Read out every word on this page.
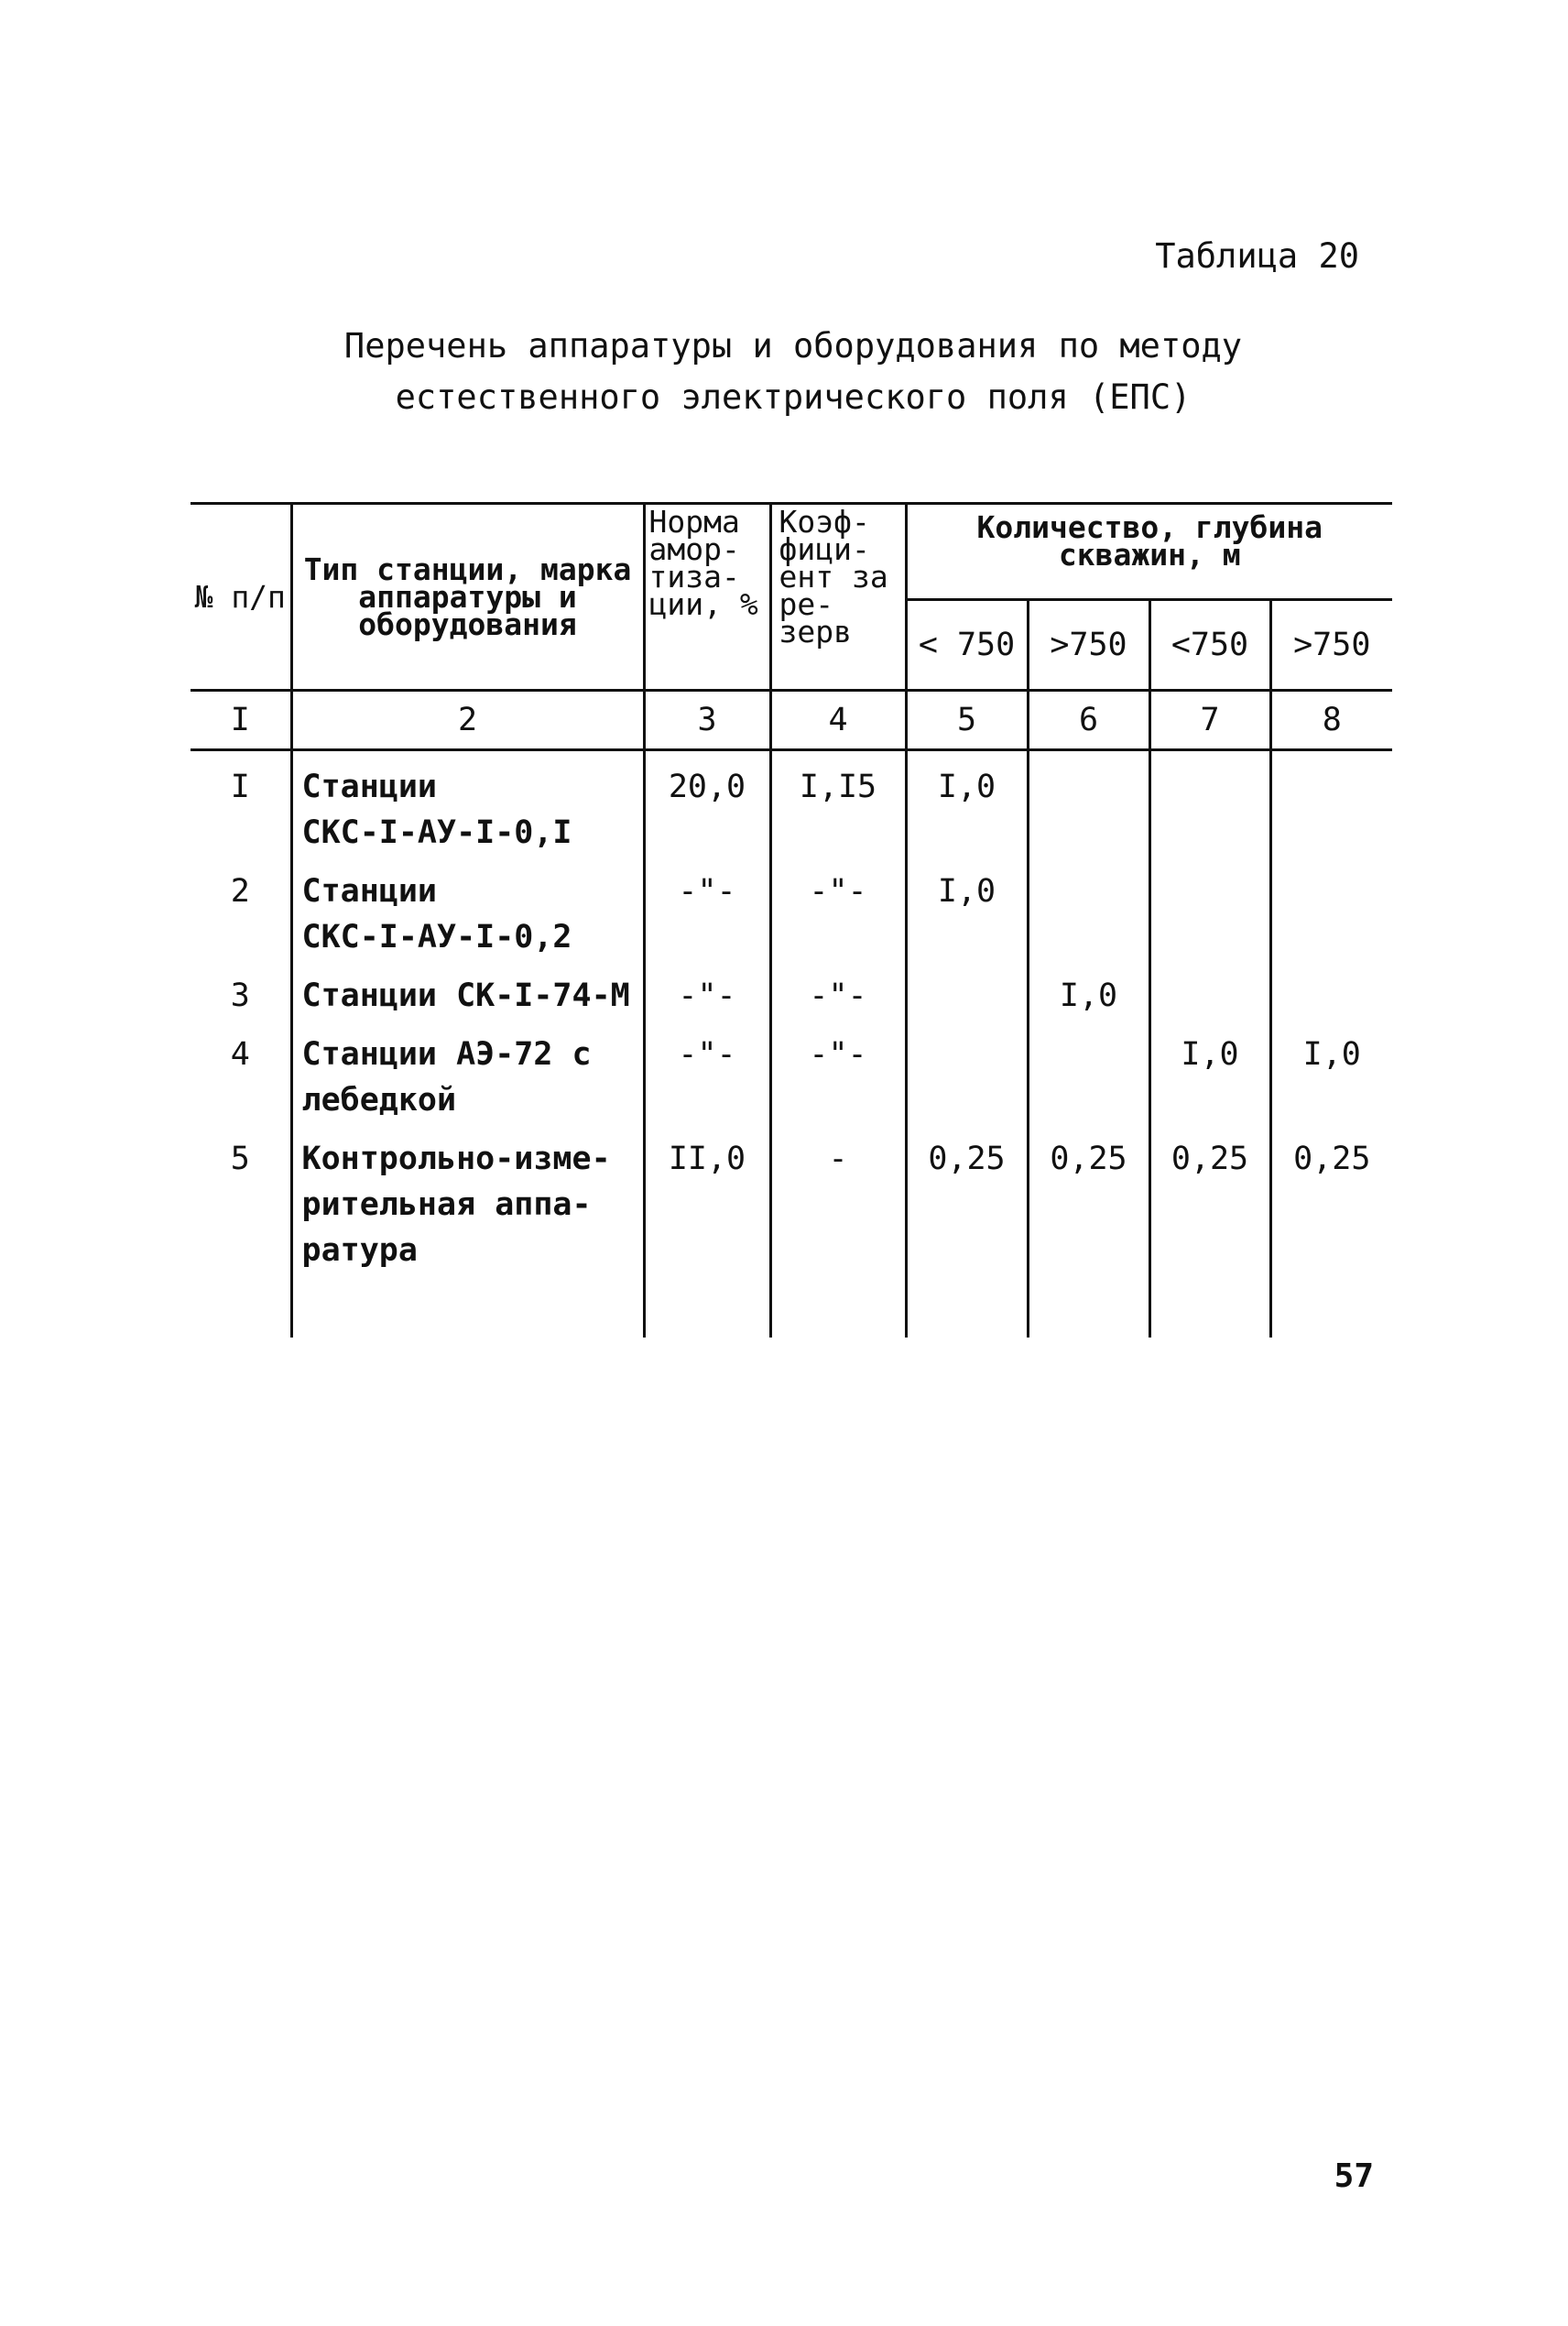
Таблица 20
Перечень аппаратуры и оборудования по методу
естественного электрического поля (ЕПС)
№ п/п	Тип станции, марка аппаратуры и оборудования	Норма амор- тиза- ции, %	Коэф- фици- ент за ре- зерв	Количество, глубина скважин, м			
				< 750	>750	<750	>750
I	2	3	4	5	6	7	8
I	Станции
СКС-I-АУ-I-0,I	20,0	I,I5	I,0			
2	Станции
СКС-I-АУ-I-0,2	-"-	-"-	I,0			
3	Станции СК-I-74-М	-"-	-"-		I,0		
4	Станции АЭ-72 с
лебедкой	-"-	-"-			I,0	I,0
5	Контрольно-изме-
рительная аппа-
ратура	II,0	-	0,25	0,25	0,25	0,25

57
